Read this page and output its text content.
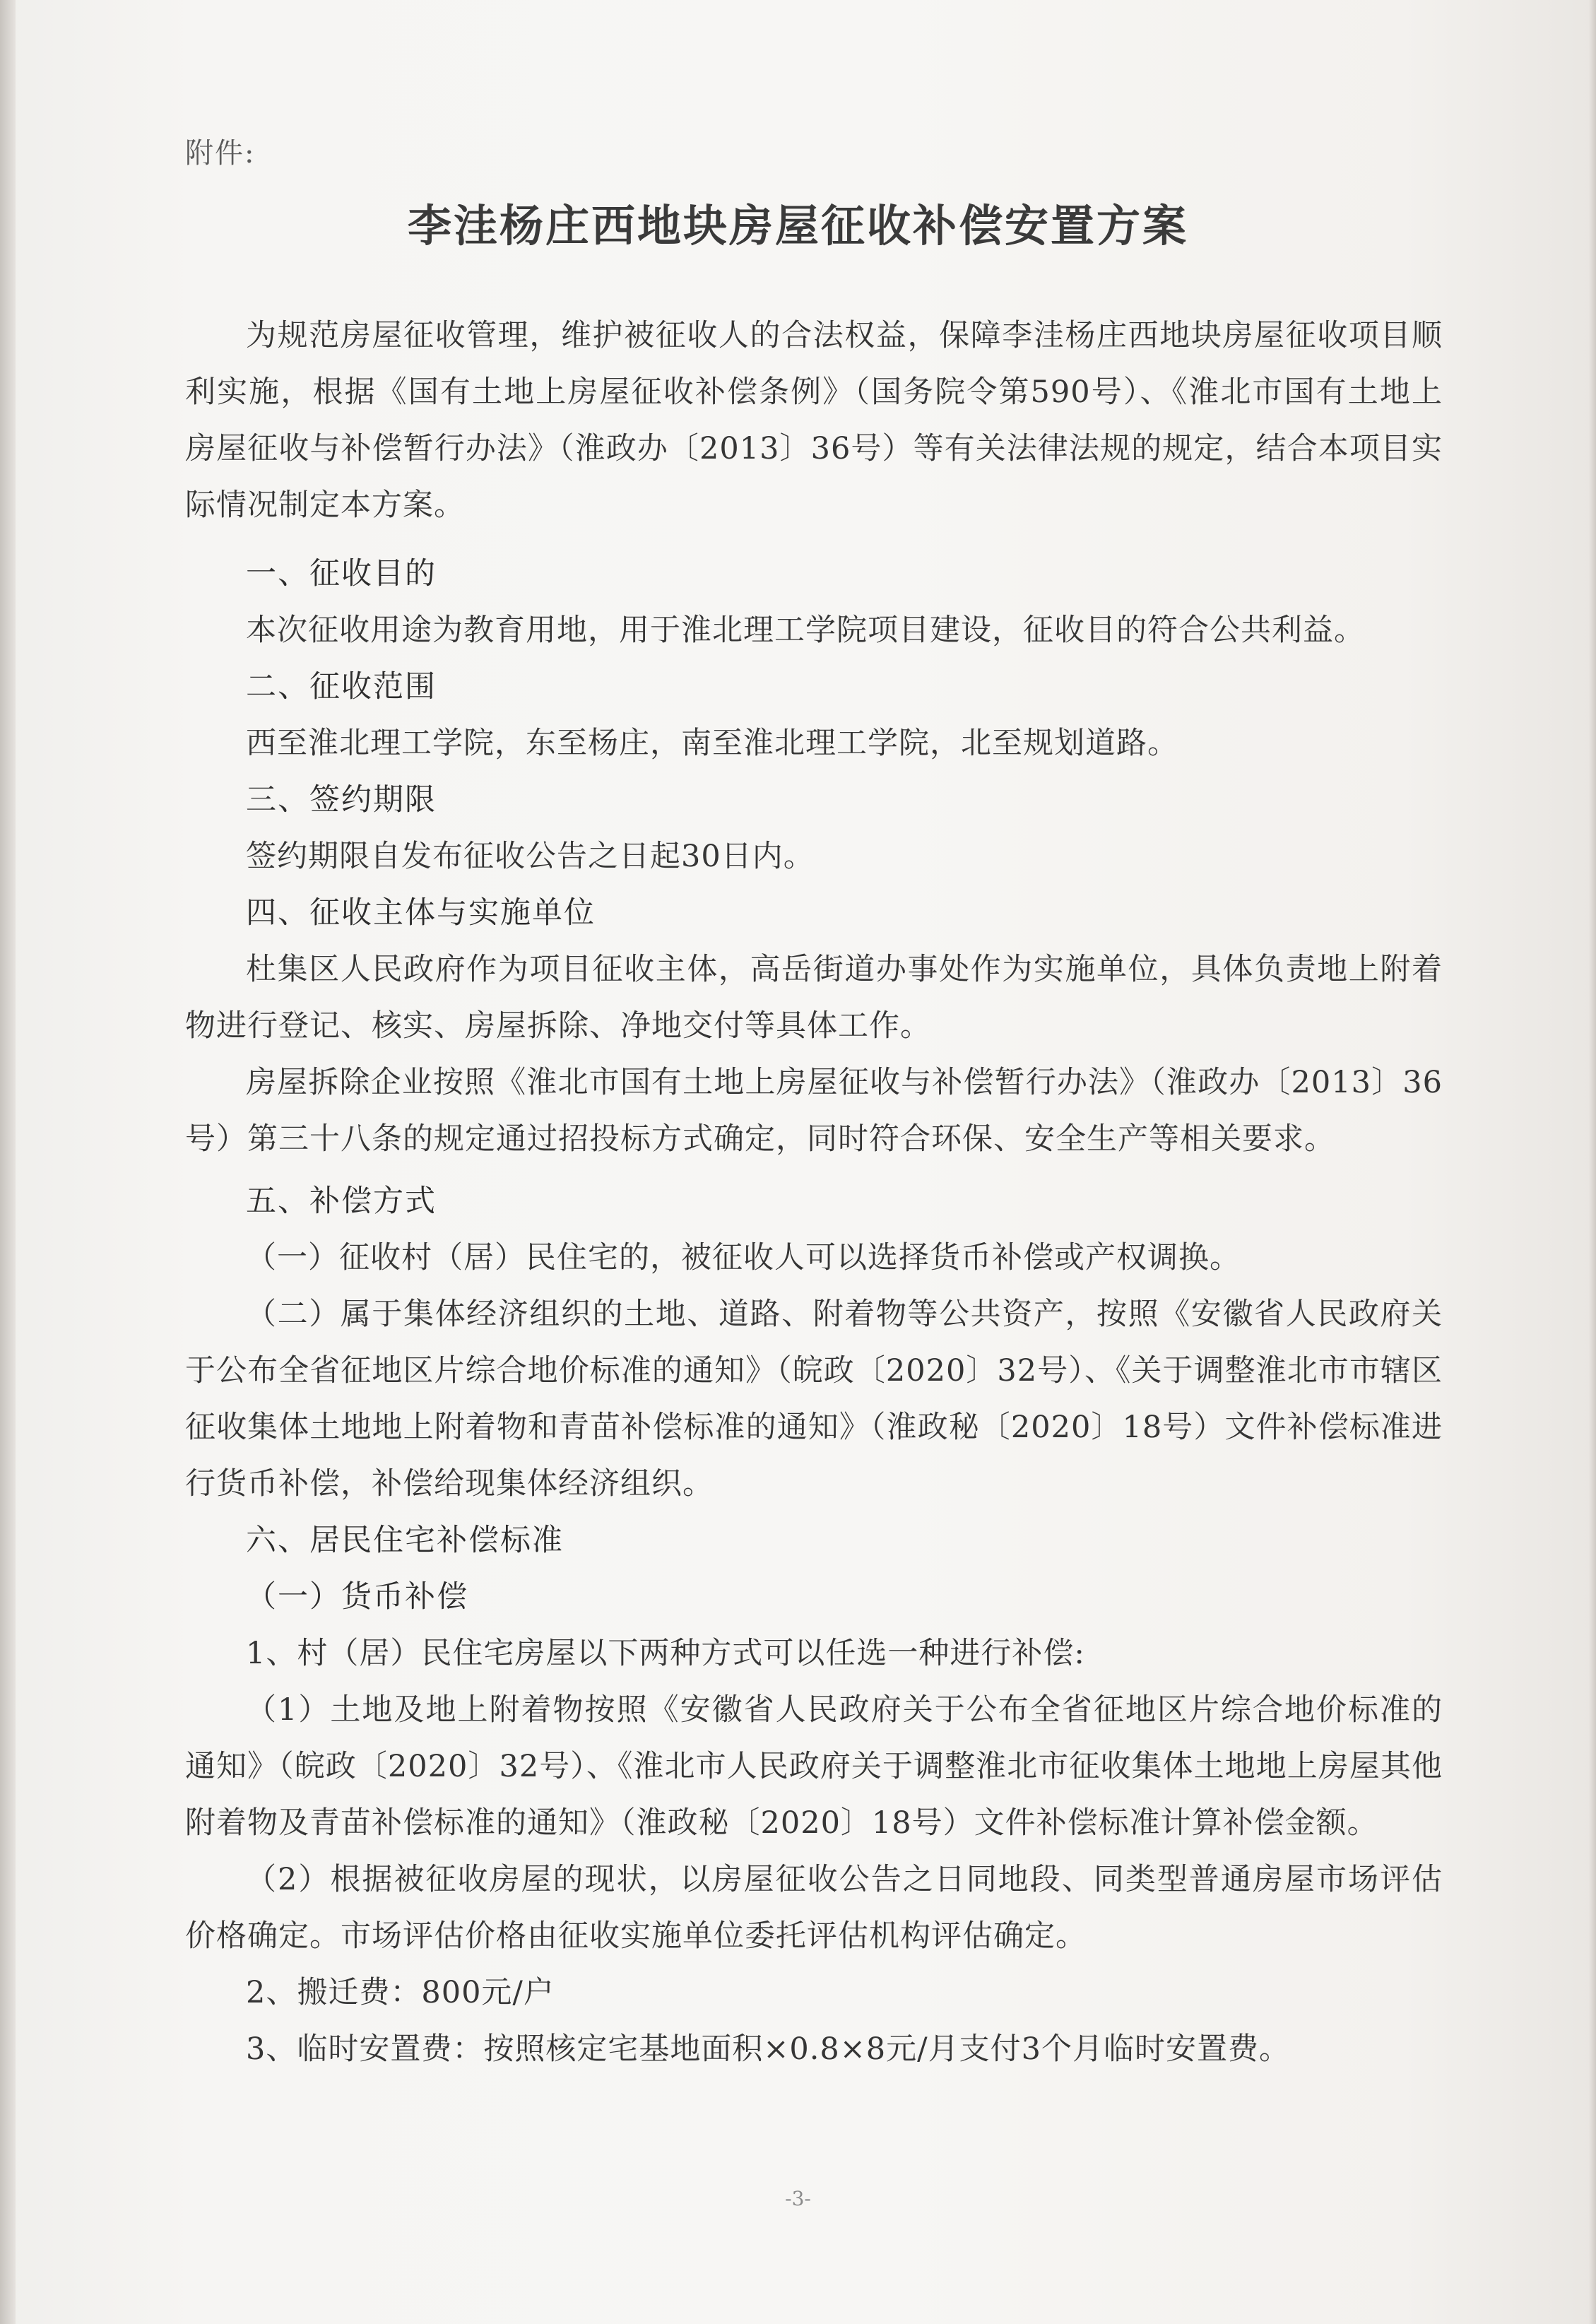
附件:
李洼杨庄西地块房屋征收补偿安置方案
为规范房屋征收管理，维护被征收人的合法权益，保障李洼杨庄西地块房屋征收项目顺利实施，根据《国有土地上房屋征收补偿条例》（国务院令第590号）、《淮北市国有土地上房屋征收与补偿暂行办法》（淮政办〔2013〕36号）等有关法律法规的规定，结合本项目实际情况制定本方案。
一、征收目的
本次征收用途为教育用地，用于淮北理工学院项目建设，征收目的符合公共利益。
二、征收范围
西至淮北理工学院，东至杨庄，南至淮北理工学院，北至规划道路。
三、签约期限
签约期限自发布征收公告之日起30日内。
四、征收主体与实施单位
杜集区人民政府作为项目征收主体，高岳街道办事处作为实施单位，具体负责地上附着物进行登记、核实、房屋拆除、净地交付等具体工作。
房屋拆除企业按照《淮北市国有土地上房屋征收与补偿暂行办法》（淮政办〔2013〕36号）第三十八条的规定通过招投标方式确定，同时符合环保、安全生产等相关要求。
五、补偿方式
（一）征收村（居）民住宅的，被征收人可以选择货币补偿或产权调换。
（二）属于集体经济组织的土地、道路、附着物等公共资产，按照《安徽省人民政府关于公布全省征地区片综合地价标准的通知》（皖政〔2020〕32号）、《关于调整淮北市市辖区征收集体土地地上附着物和青苗补偿标准的通知》（淮政秘〔2020〕18号）文件补偿标准进行货币补偿，补偿给现集体经济组织。
六、居民住宅补偿标准
（一）货币补偿
1、村（居）民住宅房屋以下两种方式可以任选一种进行补偿:
（1）土地及地上附着物按照《安徽省人民政府关于公布全省征地区片综合地价标准的通知》（皖政〔2020〕32号）、《淮北市人民政府关于调整淮北市征收集体土地地上房屋其他附着物及青苗补偿标准的通知》（淮政秘〔2020〕18号）文件补偿标准计算补偿金额。
（2）根据被征收房屋的现状，以房屋征收公告之日同地段、同类型普通房屋市场评估价格确定。市场评估价格由征收实施单位委托评估机构评估确定。
2、搬迁费：800元/户
3、临时安置费：按照核定宅基地面积×0.8×8元/月支付3个月临时安置费。
-3-
